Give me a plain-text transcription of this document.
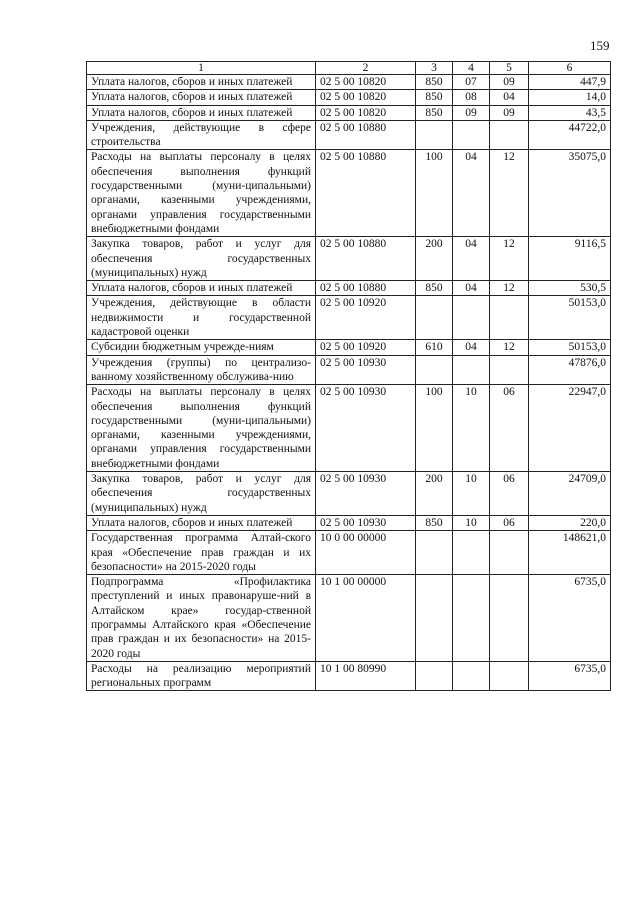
159
1	2	3	4	5	6
Уплата налогов, сборов и иных платежей	02 5 00 10820	850	07	09	447,9
Уплата налогов, сборов и иных платежей	02 5 00 10820	850	08	04	14,0
Уплата налогов, сборов и иных платежей	02 5 00 10820	850	09	09	43,5
Учреждения, действующие в сфере строительства	02 5 00 10880				44722,0
Расходы на выплаты персоналу в целях обеспечения выполнения функций государственными (муни-ципальными) органами, казенными учреждениями, органами управления государственными внебюджетными фондами	02 5 00 10880	100	04	12	35075,0
Закупка товаров, работ и услуг для обеспечения государственных (муниципальных) нужд	02 5 00 10880	200	04	12	9116,5
Уплата налогов, сборов и иных платежей	02 5 00 10880	850	04	12	530,5
Учреждения, действующие в области недвижимости и государственной кадастровой оценки	02 5 00 10920				50153,0
Субсидии бюджетным учрежде-ниям	02 5 00 10920	610	04	12	50153,0
Учреждения (группы) по централизо-ванному хозяйственному обслужива-нию	02 5 00 10930				47876,0
Расходы на выплаты персоналу в целях обеспечения выполнения функций государственными (муни-ципальными) органами, казенными учреждениями, органами управления государственными внебюджетными фондами	02 5 00 10930	100	10	06	22947,0
Закупка товаров, работ и услуг для обеспечения государственных (муниципальных) нужд	02 5 00 10930	200	10	06	24709,0
Уплата налогов, сборов и иных платежей	02 5 00 10930	850	10	06	220,0
Государственная программа Алтай-ского края «Обеспечение прав граждан и их безопасности» на 2015-2020 годы	10 0 00 00000				148621,0
Подпрограмма «Профилактика преступлений и иных правонаруше-ний в Алтайском крае» государ-ственной программы Алтайского края «Обеспечение прав граждан и их безопасности» на 2015-2020 годы	10 1 00 00000				6735,0
Расходы на реализацию мероприятий региональных программ	10 1 00 80990				6735,0
